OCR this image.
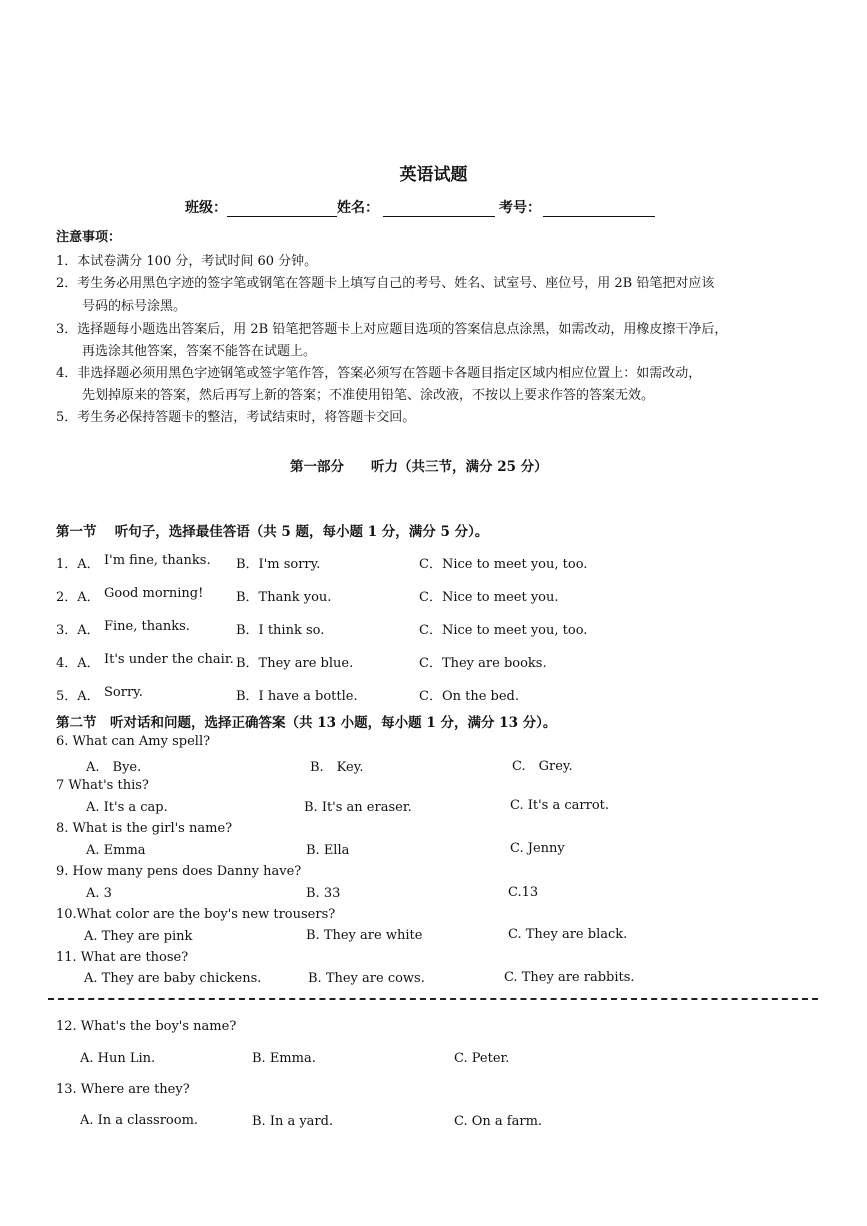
英语试题
班级：	姓名：	考号：
注意事项：
1．本试卷满分 100 分，考试时间 60 分钟。
2．考生务必用黑色字迹的签字笔或钢笔在答题卡上填写自己的考号、姓名、试室号、座位号，用 2B 铅笔把对应该
号码的标号涂黑。
3．选择题每小题选出答案后，用 2B 铅笔把答题卡上对应题目选项的答案信息点涂黑，如需改动，用橡皮擦干净后，
再选涂其他答案，答案不能答在试题上。
4．非选择题必须用黑色字迹钢笔或签字笔作答，答案必须写在答题卡各题目指定区域内相应位置上：如需改动，
先划掉原来的答案，然后再写上新的答案；不准使用铅笔、涂改液，不按以上要求作答的答案无效。
5．考生务必保持答题卡的整洁，考试结束时，将答题卡交回。
第一部分　　听力（共三节，满分 25 分）
第一节　 听句子，选择最佳答语（共 5 题，每小题 1 分，满分 5 分）。
1．A． I'm fine, thanks. B．I'm sorry.	C．Nice to meet you, too.
2．A． Good morning!	B．Thank you.	C．Nice to meet you.
3．A． Fine, thanks.	B．I think so.	C．Nice to meet you, too.
4．A． It's under the chair. B．They are blue.	C．They are books.
5．A． Sorry.	B．I have a bottle.	C．On the bed.
第二节　听对话和问题，选择正确答案（共 13 小题，每小题 1 分，满分 13 分）。
6. What can Amy spell?
A.　Bye.	B.　Key.	C.　Grey.
7 What's this?
A. It's a cap.	B. It's an eraser.	C. It's a carrot.
8. What is the girl's name?
A. Emma	B. Ella	C. Jenny
9. How many pens does Danny have?
A. 3	B. 33	C.13
10.What color are the boy's new trousers?
A. They are pink	B. They are white	C. They are black.
11. What are those?
A. They are baby chickens.	B. They are cows.	C. They are rabbits.
12. What's the boy's name?
A. Hun Lin.	B. Emma.	C. Peter.
13. Where are they?
A. In a classroom.	B. In a yard.	C. On a farm.
